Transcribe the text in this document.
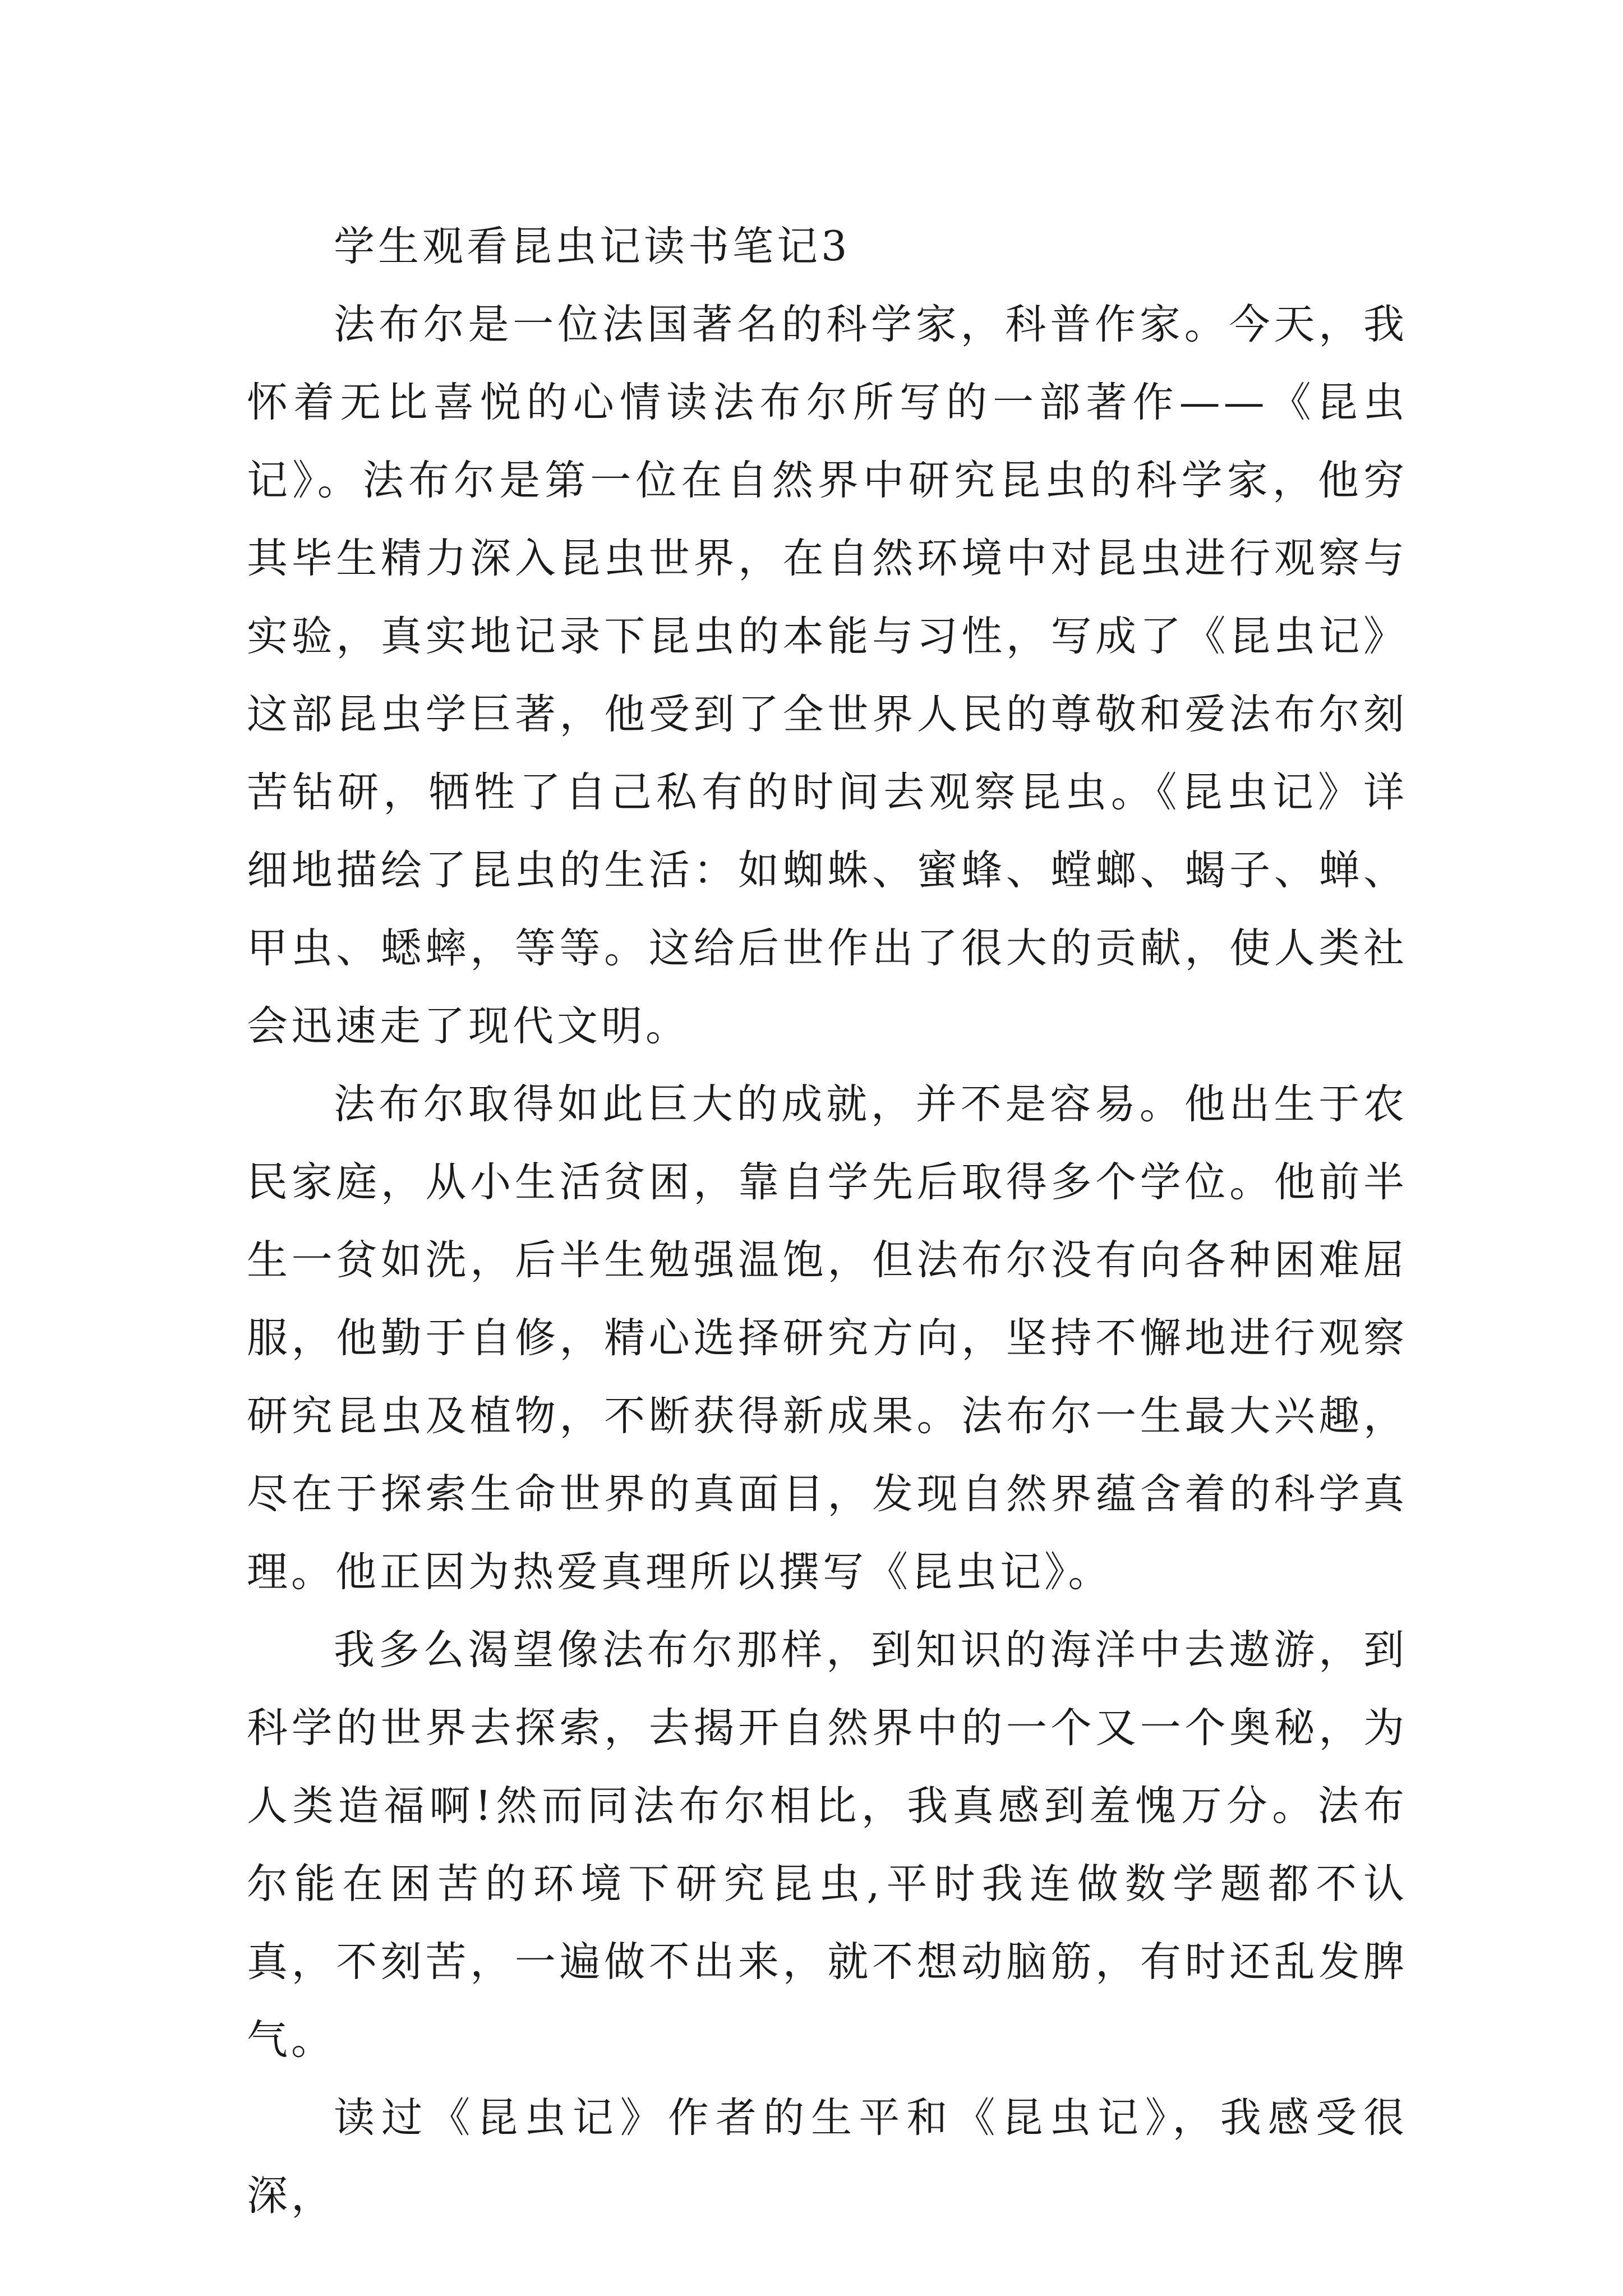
学生观看昆虫记读书笔记3

法布尔是一位法国著名的科学家，科普作家。今天，我怀着无比喜悦的心情读法布尔所写的一部著作——《昆虫记》。法布尔是第一位在自然界中研究昆虫的科学家，他穷其毕生精力深入昆虫世界，在自然环境中对昆虫进行观察与实验，真实地记录下昆虫的本能与习性，写成了《昆虫记》这部昆虫学巨著，他受到了全世界人民的尊敬和爱法布尔刻苦钻研，牺牲了自己私有的时间去观察昆虫。《昆虫记》详细地描绘了昆虫的生活：如蜘蛛、蜜蜂、螳螂、蝎子、蝉、甲虫、蟋蟀，等等。这给后世作出了很大的贡献，使人类社会迅速走了现代文明。

法布尔取得如此巨大的成就，并不是容易。他出生于农民家庭，从小生活贫困，靠自学先后取得多个学位。他前半生一贫如洗，后半生勉强温饱，但法布尔没有向各种困难屈服，他勤于自修，精心选择研究方向，坚持不懈地进行观察研究昆虫及植物，不断获得新成果。法布尔一生最大兴趣，尽在于探索生命世界的真面目，发现自然界蕴含着的科学真理。他正因为热爱真理所以撰写《昆虫记》。

我多么渴望像法布尔那样，到知识的海洋中去遨游，到科学的世界去探索，去揭开自然界中的一个又一个奥秘，为人类造福啊!然而同法布尔相比，我真感到羞愧万分。法布尔能在困苦的环境下研究昆虫,平时我连做数学题都不认真，不刻苦，一遍做不出来，就不想动脑筋，有时还乱发脾气。

读过《昆虫记》作者的生平和《昆虫记》，我感受很深，
